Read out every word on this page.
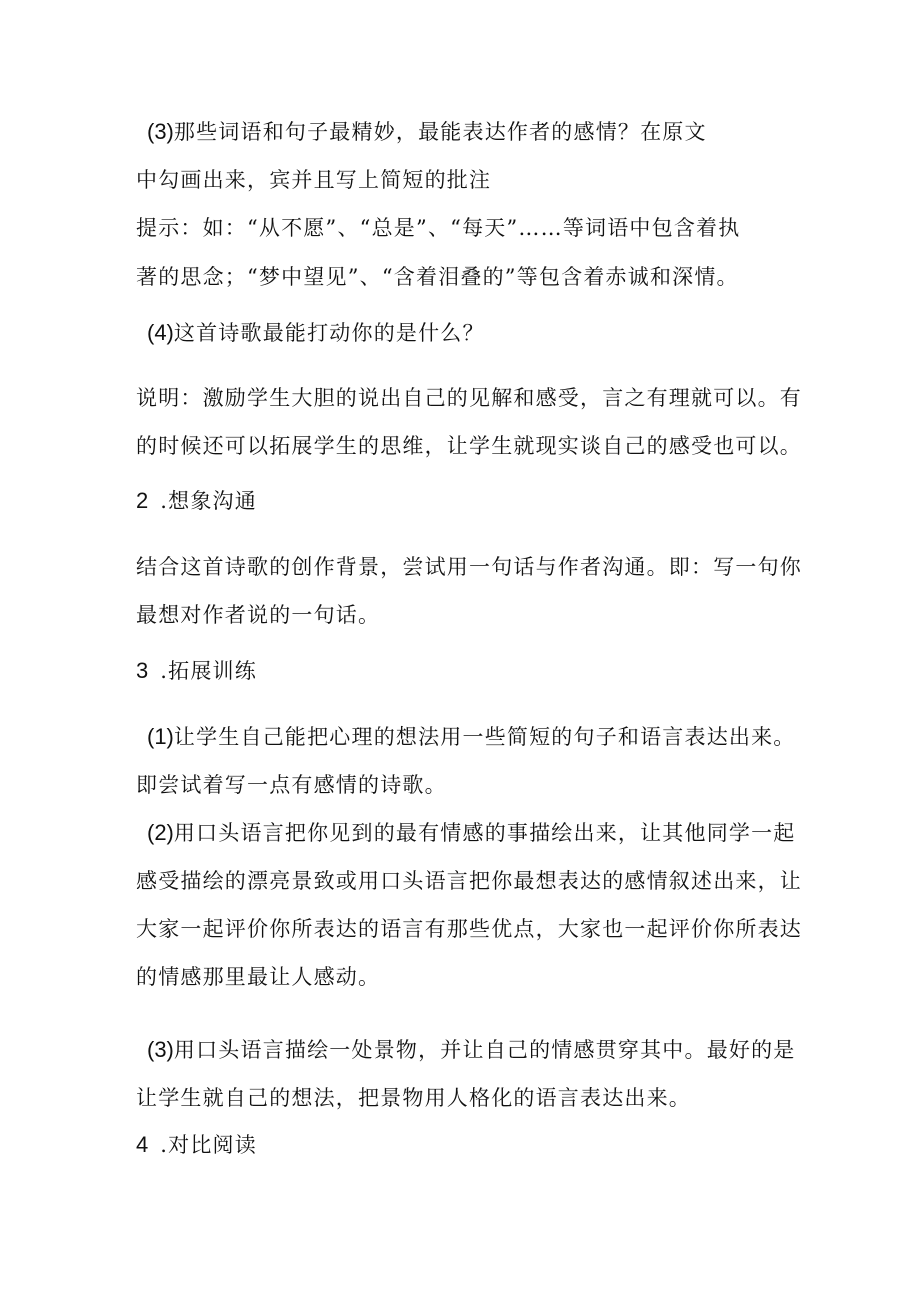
(3)那些词语和句子最精妙，最能表达作者的感情？在原文
中勾画出来，宾并且写上简短的批注
提示：如：“从不愿”、“总是”、“每天”……等词语中包含着执
著的思念；“梦中望见”、“含着泪叠的”等包含着赤诚和深情。
(4)这首诗歌最能打动你的是什么？
说明：激励学生大胆的说出自己的见解和感受，言之有理就可以。有
的时候还可以拓展学生的思维，让学生就现实谈自己的感受也可以。
2 .想象沟通
结合这首诗歌的创作背景，尝试用一句话与作者沟通。即：写一句你
最想对作者说的一句话。
3 .拓展训练
(1)让学生自己能把心理的想法用一些简短的句子和语言表达出来。
即尝试着写一点有感情的诗歌。
(2)用口头语言把你见到的最有情感的事描绘出来，让其他同学一起
感受描绘的漂亮景致或用口头语言把你最想表达的感情叙述出来，让
大家一起评价你所表达的语言有那些优点，大家也一起评价你所表达
的情感那里最让人感动。
(3)用口头语言描绘一处景物，并让自己的情感贯穿其中。最好的是
让学生就自己的想法，把景物用人格化的语言表达出来。
4 .对比阅读
